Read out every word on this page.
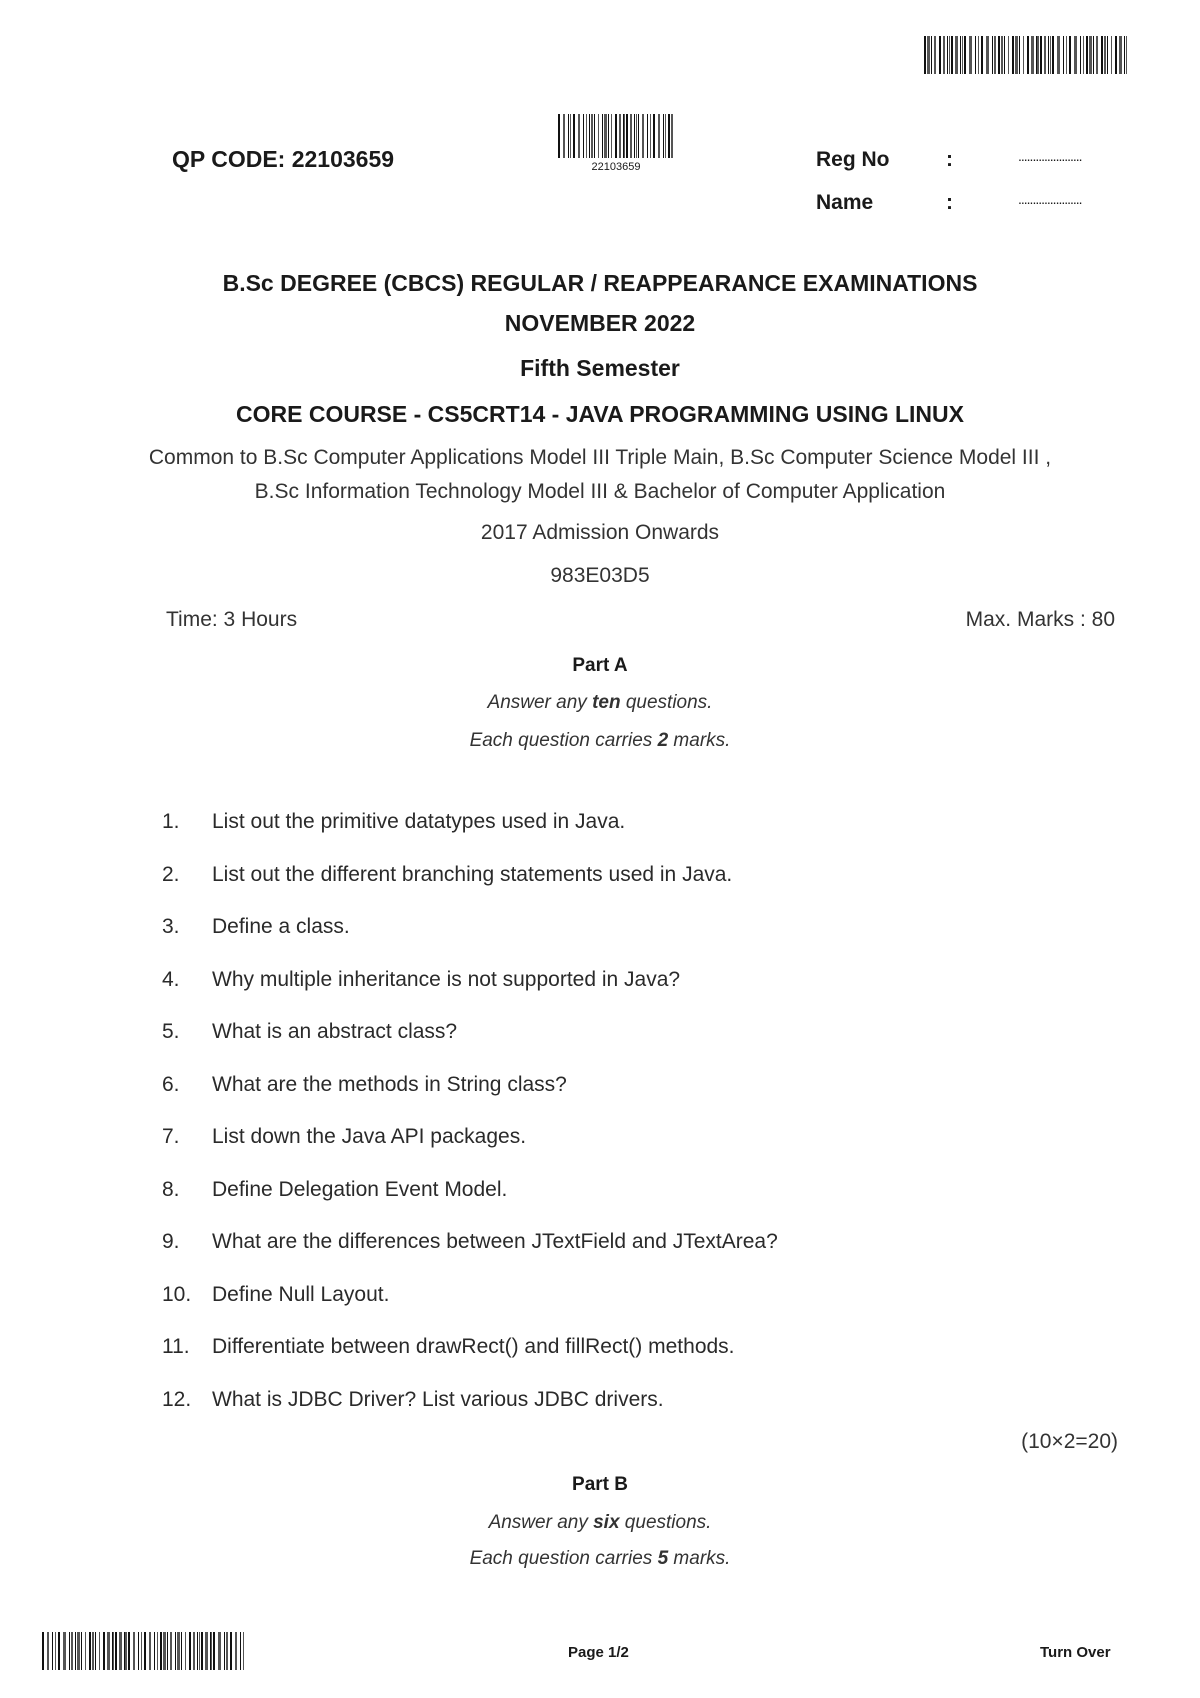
QP CODE: 22103659	22103659	Reg No	:	......................
Name	:	......................
B.Sc DEGREE (CBCS) REGULAR / REAPPEARANCE EXAMINATIONS
NOVEMBER 2022
Fifth Semester
CORE COURSE - CS5CRT14 - JAVA PROGRAMMING USING LINUX
Common to B.Sc Computer Applications Model III Triple Main, B.Sc Computer Science Model III ,
B.Sc Information Technology Model III & Bachelor of Computer Application
2017 Admission Onwards
983E03D5
Time: 3 Hours	Max. Marks : 80
Part A
Answer any ten questions.
Each question carries 2 marks.
1. List out the primitive datatypes used in Java.
2. List out the different branching statements used in Java.
3. Define a class.
4. Why multiple inheritance is not supported in Java?
5. What is an abstract class?
6. What are the methods in String class?
7. List down the Java API packages.
8. Define Delegation Event Model.
9. What are the differences between JTextField and JTextArea?
10. Define Null Layout.
11. Differentiate between drawRect() and fillRect() methods.
12. What is JDBC Driver? List various JDBC drivers.
(10×2=20)
Part B
Answer any six questions.
Each question carries 5 marks.
Page 1/2	Turn Over
